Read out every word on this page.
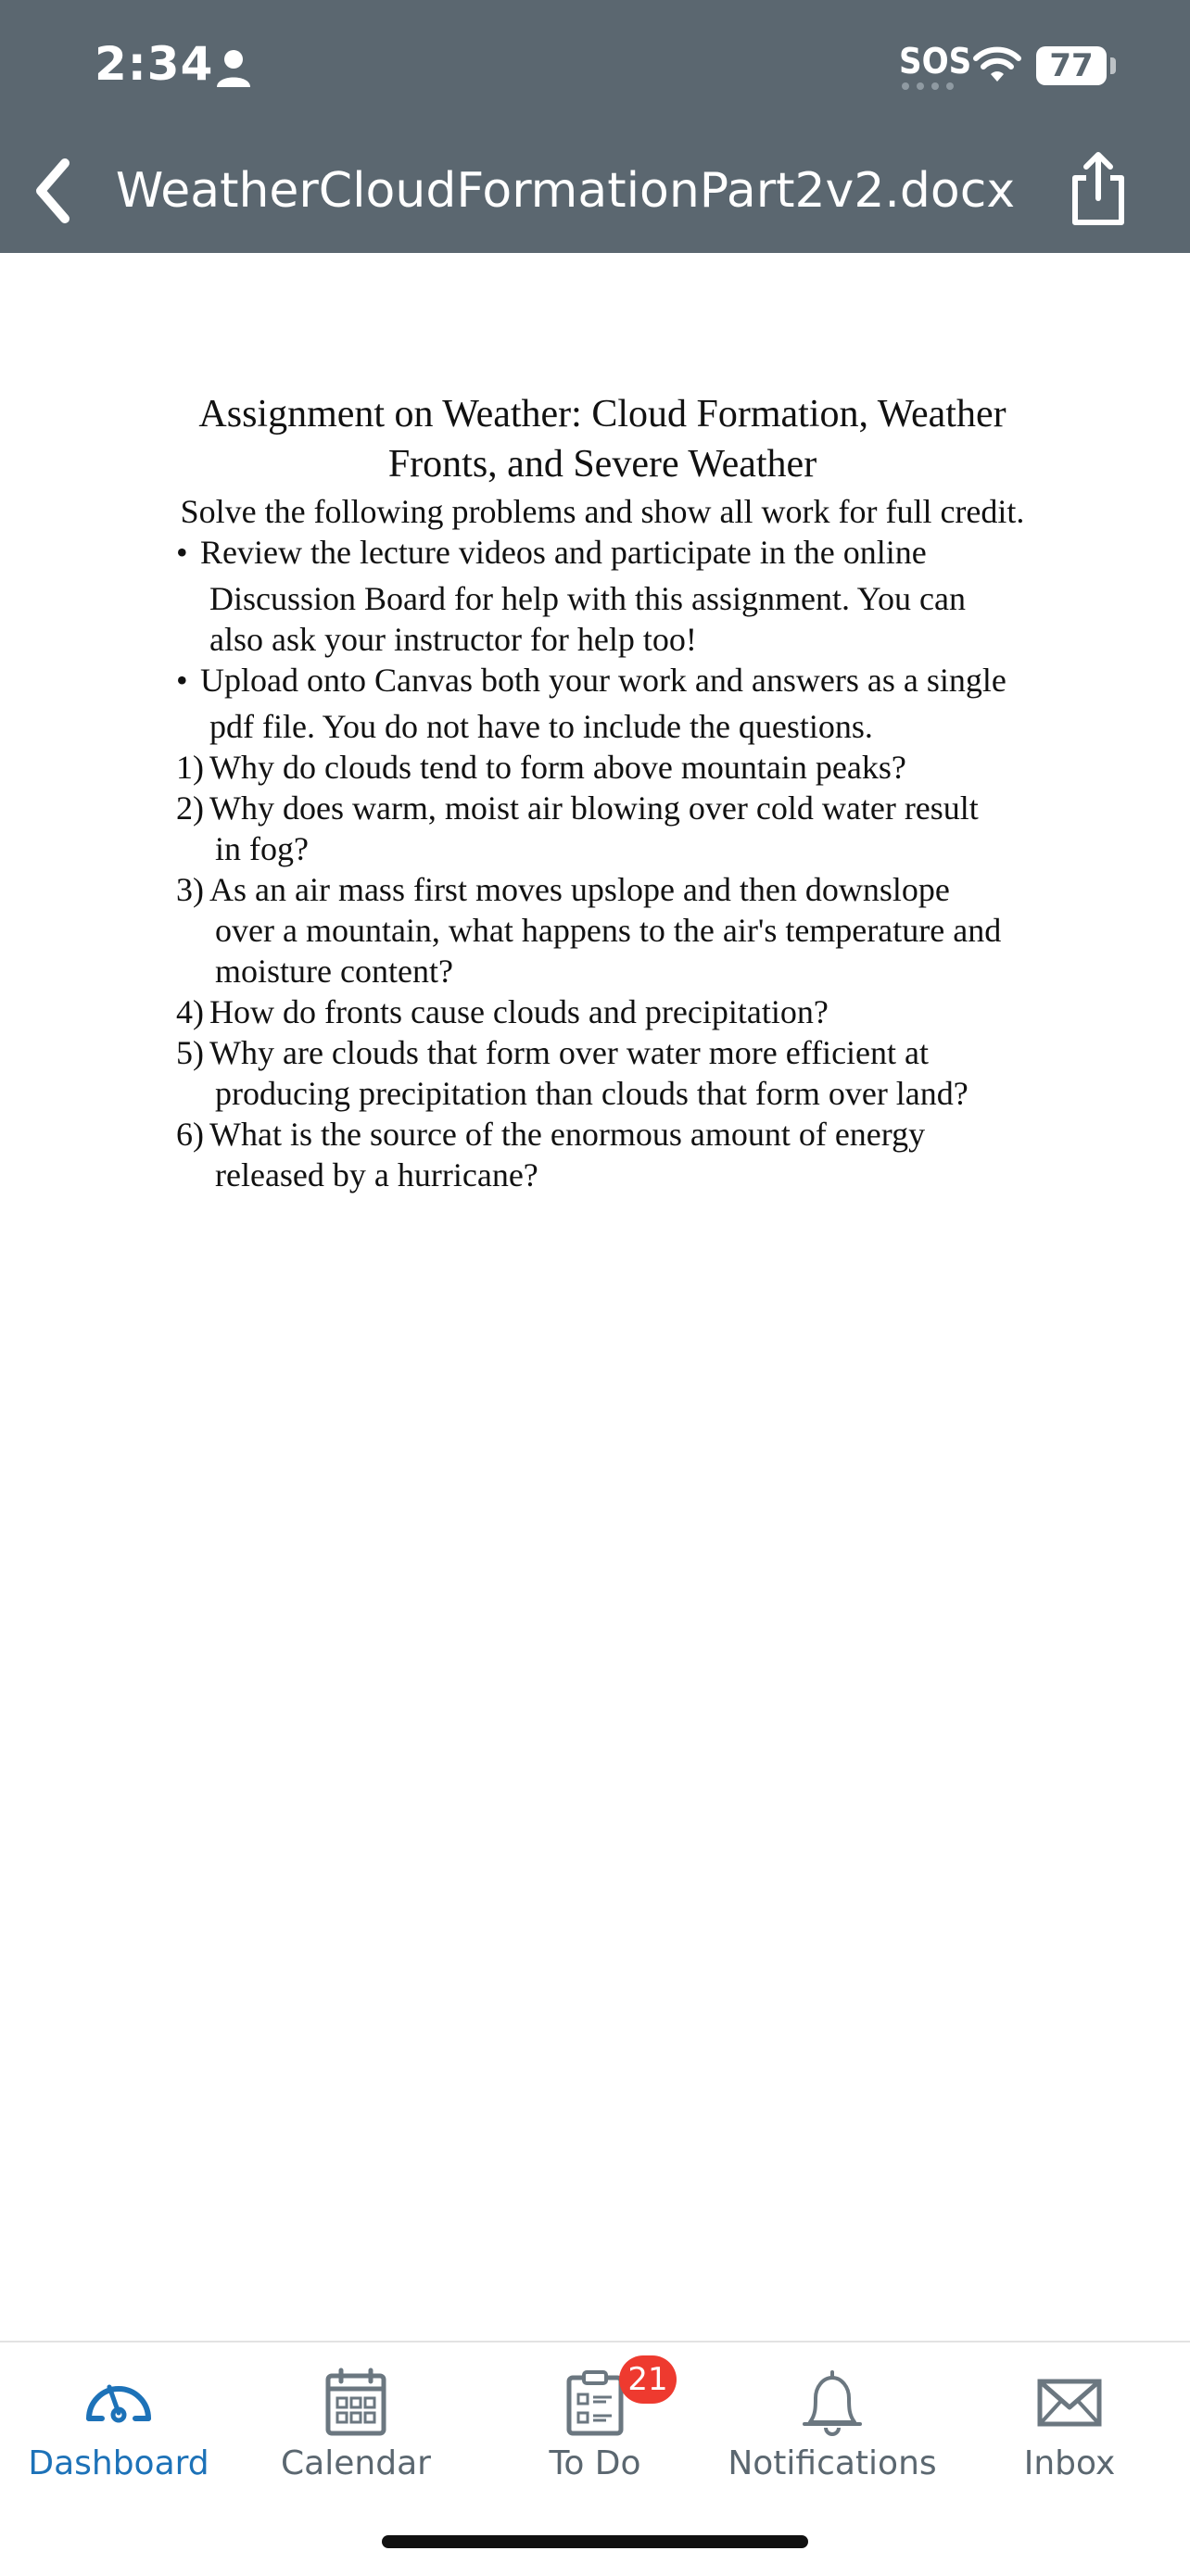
2:34	SOS	77
WeatherCloudFormationPart2v2.docx
Assignment on Weather: Cloud Formation, Weather
Fronts, and Severe Weather

Solve the following problems and show all work for full credit.

• Review the lecture videos and participate in the online
Discussion Board for help with this assignment. You can
also ask your instructor for help too!
• Upload onto Canvas both your work and answers as a single
pdf file. You do not have to include the questions.
1) Why do clouds tend to form above mountain peaks?
2) Why does warm, moist air blowing over cold water result
in fog?
3) As an air mass first moves upslope and then downslope
over a mountain, what happens to the air's temperature and
moisture content?
4) How do fronts cause clouds and precipitation?
5) Why are clouds that form over water more efficient at
producing precipitation than clouds that form over land?
6) What is the source of the enormous amount of energy
released by a hurricane?
Dashboard	Calendar
21
To Do	Notifications	Inbox
